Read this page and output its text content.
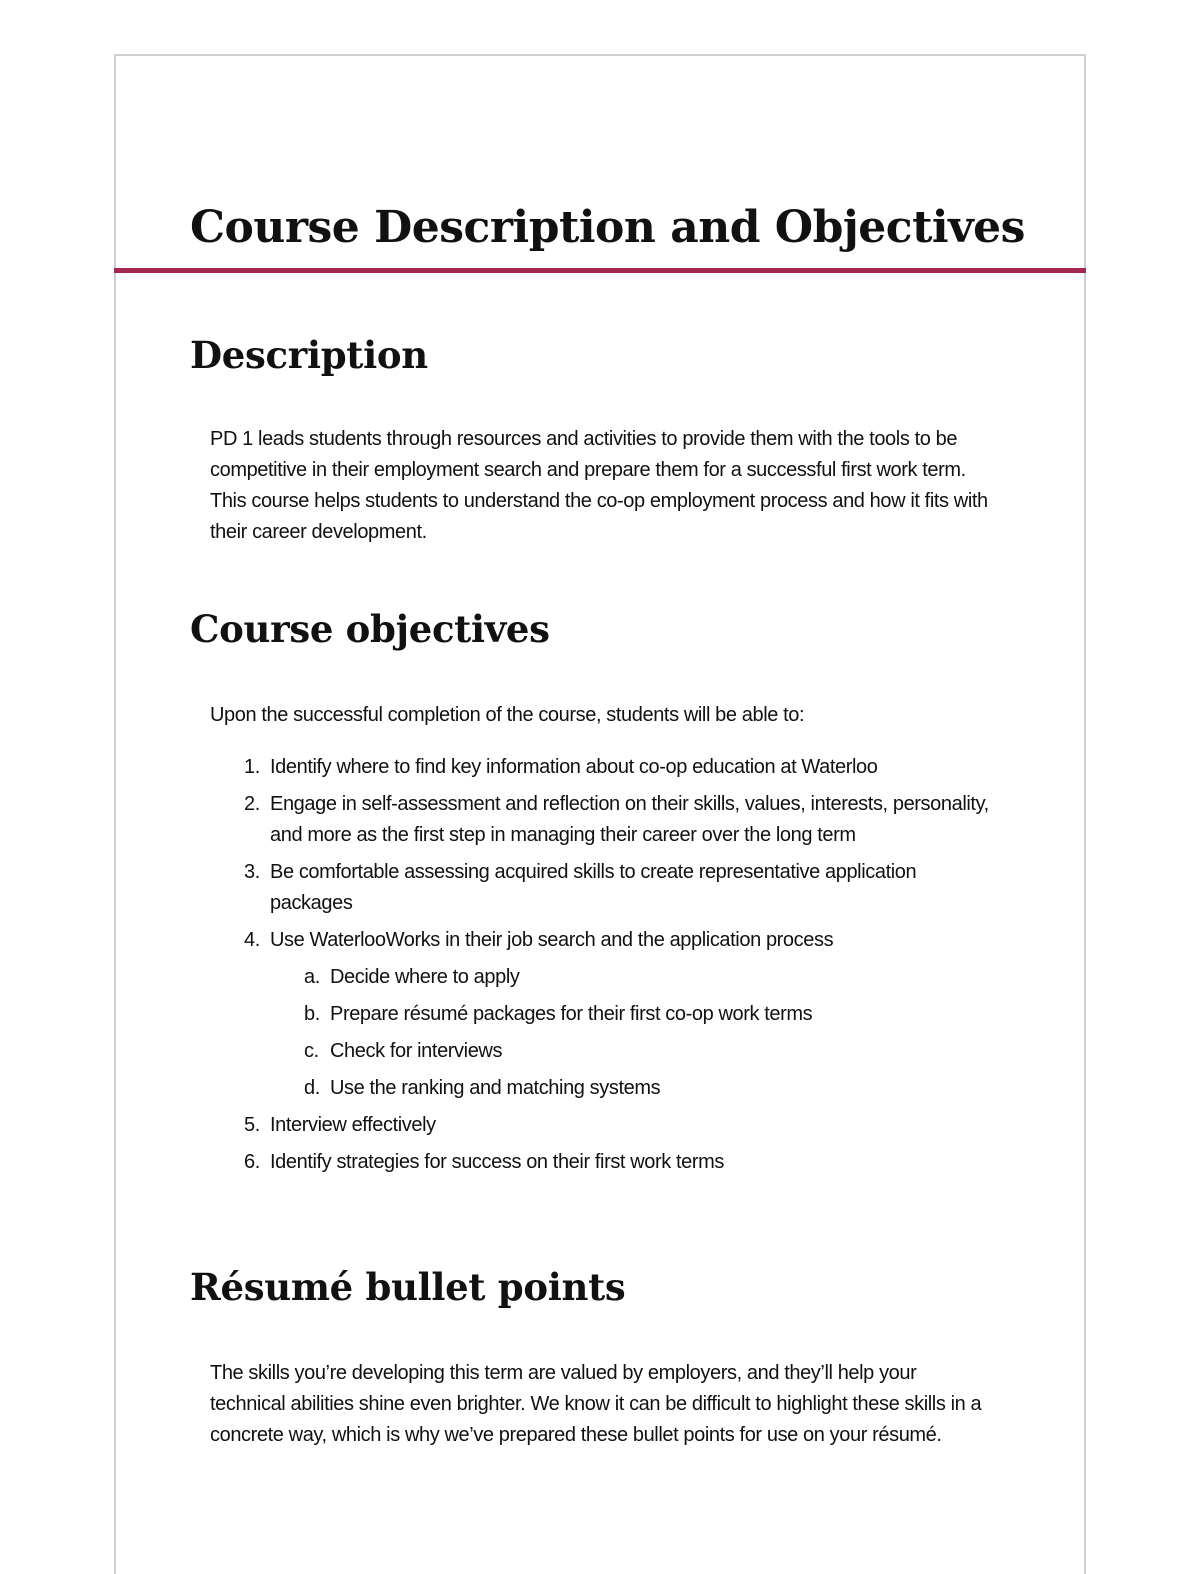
Course Description and Objectives
Description

PD 1 leads students through resources and activities to provide them with the tools to be competitive in their employment search and prepare them for a successful first work term. This course helps students to understand the co-op employment process and how it fits with their career development.

Course objectives

Upon the successful completion of the course, students will be able to:

1. Identify where to find key information about co-op education at Waterloo
2. Engage in self-assessment and reflection on their skills, values, interests, personality, and more as the first step in managing their career over the long term
3. Be comfortable assessing acquired skills to create representative application packages
4. Use WaterlooWorks in their job search and the application process
a. Decide where to apply
b. Prepare résumé packages for their first co-op work terms
c. Check for interviews
d. Use the ranking and matching systems
5. Interview effectively
6. Identify strategies for success on their first work terms
Résumé bullet points

The skills you’re developing this term are valued by employers, and they’ll help your technical abilities shine even brighter. We know it can be difficult to highlight these skills in a concrete way, which is why we’ve prepared these bullet points for use on your résumé.
